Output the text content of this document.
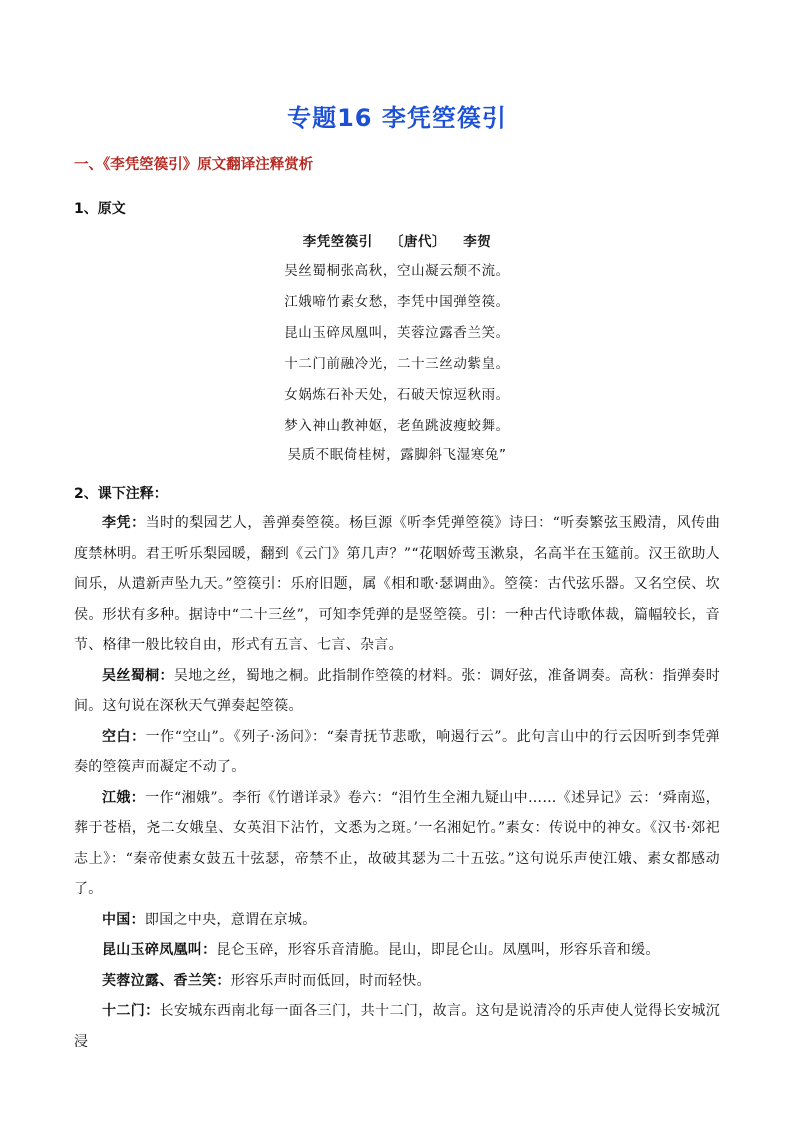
专题16 李凭箜篌引
一、《李凭箜篌引》原文翻译注释赏析
1、原文
李凭箜篌引 〔唐代〕 李贺
吴丝蜀桐张高秋，空山凝云颓不流。
江娥啼竹素女愁，李凭中国弹箜篌。
昆山玉碎凤凰叫，芙蓉泣露香兰笑。
十二门前融冷光，二十三丝动紫皇。
女娲炼石补天处，石破天惊逗秋雨。
梦入神山教神妪，老鱼跳波瘦蛟舞。
吴质不眠倚桂树，露脚斜飞湿寒兔”
2、课下注释：

李凭：当时的梨园艺人，善弹奏箜篌。杨巨源《听李凭弹箜篌》诗曰：“听奏繁弦玉殿清，风传曲度禁林明。君王听乐梨园暖，翻到《云门》第几声？”“花咽娇莺玉漱泉，名高半在玉筵前。汉王欲助人间乐，从遣新声坠九天。”箜篌引：乐府旧题，属《相和歌·瑟调曲》。箜篌：古代弦乐器。又名空侯、坎侯。形状有多种。据诗中“二十三丝”，可知李凭弹的是竖箜篌。引：一种古代诗歌体裁，篇幅较长，音节、格律一般比较自由，形式有五言、七言、杂言。

吴丝蜀桐：吴地之丝，蜀地之桐。此指制作箜篌的材料。张：调好弦，准备调奏。高秋：指弹奏时间。这句说在深秋天气弹奏起箜篌。

空白：一作“空山”。《列子·汤问》：“秦青抚节悲歌，响遏行云”。此句言山中的行云因听到李凭弹奏的箜篌声而凝定不动了。

江娥：一作“湘娥”。李衎《竹谱详录》卷六：“泪竹生全湘九疑山中……《述异记》云：‘舜南巡，葬于苍梧，尧二女娥皇、女英泪下沾竹，文悉为之斑。’一名湘妃竹。”素女：传说中的神女。《汉书·郊祀志上》：“秦帝使素女鼓五十弦瑟，帝禁不止，故破其瑟为二十五弦。”这句说乐声使江娥、素女都感动了。

中国：即国之中央，意谓在京城。

昆山玉碎凤凰叫：昆仑玉碎，形容乐音清脆。昆山，即昆仑山。凤凰叫，形容乐音和缓。

芙蓉泣露、香兰笑：形容乐声时而低回，时而轻快。

十二门：长安城东西南北每一面各三门，共十二门，故言。这句是说清冷的乐声使人觉得长安城沉浸
